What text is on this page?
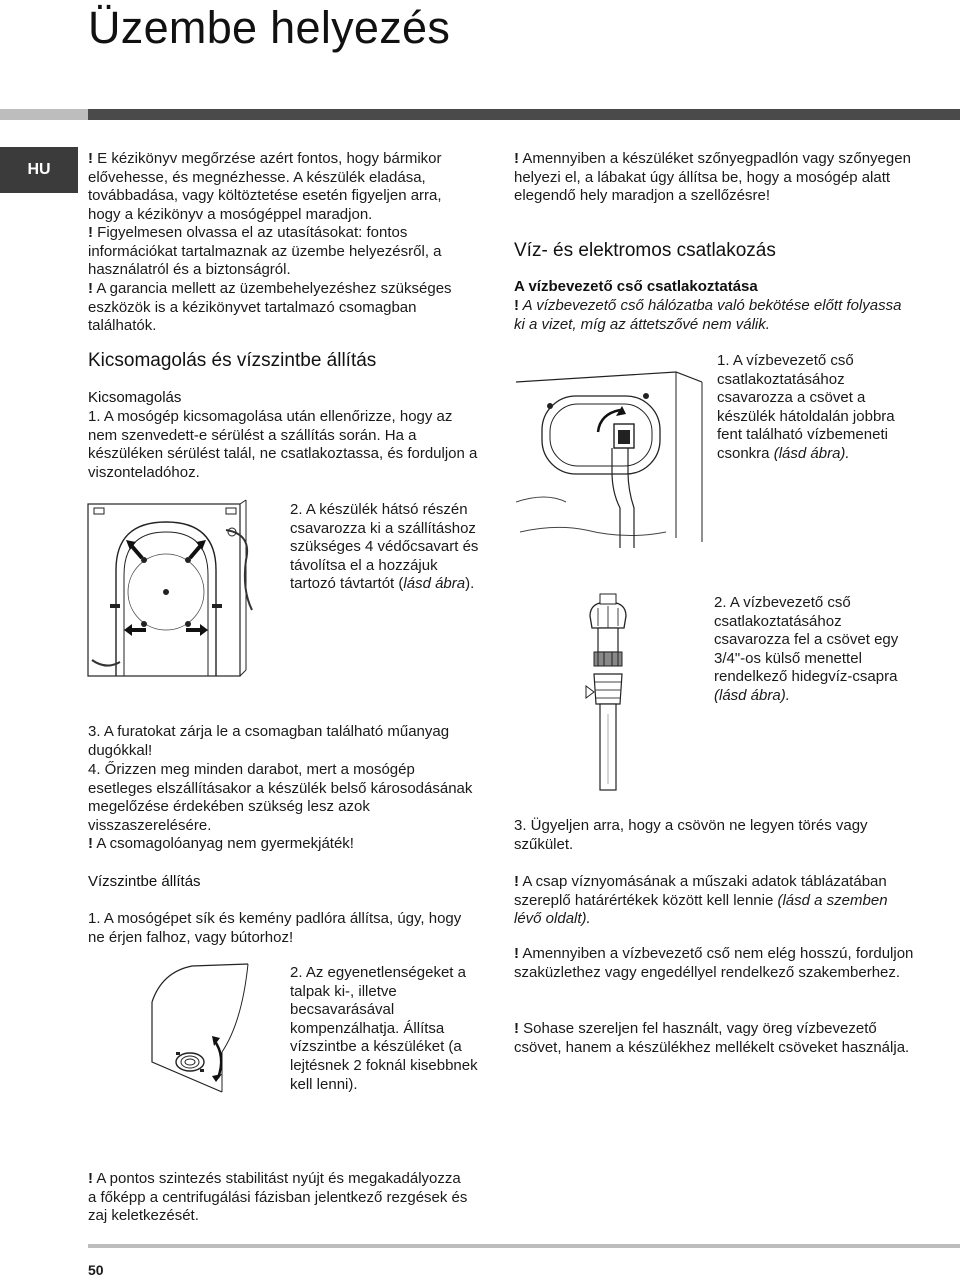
Üzembe helyezés
HU

! E kézikönyv megőrzése azért fontos, hogy bármikor elővehesse, és megnézhesse. A készülék eladása, továbbadása, vagy költöztetése esetén figyeljen arra, hogy a kézikönyv a mosógéppel maradjon.

! Figyelmesen olvassa el az utasításokat: fontos információkat tartalmaznak az üzembe helyezésről, a használatról és a biztonságról.

! A garancia mellett az üzembehelyezéshez szükséges eszközök is a kézikönyvet tartalmazó csomagban találhatók.

Kicsomagolás és vízszintbe állítás
Kicsomagolás

1. A mosógép kicsomagolása után ellenőrizze, hogy az nem szenvedett-e sérülést a szállítás során. Ha a készüléken sérülést talál, ne csatlakoztassa, és forduljon a viszonteladóhoz.

2. A készülék hátsó részén csavarozza ki a szállításhoz szükséges 4 védőcsavart és távolítsa el a hozzájuk tartozó távtartót (lásd ábra).

3. A furatokat zárja le a csomagban található műanyag dugókkal!

4. Őrizzen meg minden darabot, mert a mosógép esetleges elszállításakor a készülék belső károsodásának megelőzése érdekében szükség lesz azok visszaszerelésére.

! A csomagolóanyag nem gyermekjáték!

Vízszintbe állítás

1. A mosógépet sík és kemény padlóra állítsa, úgy, hogy ne érjen falhoz, vagy bútorhoz!

2. Az egyenetlenségeket a talpak ki-, illetve becsavarásával kompenzálhatja. Állítsa vízszintbe a készüléket (a lejtésnek 2 foknál kisebbnek kell lenni).

! A pontos szintezés stabilitást nyújt és megakadályozza a főképp a centrifugálási fázisban jelentkező rezgések és zaj keletkezését.

! Amennyiben a készüléket szőnyegpadlón vagy szőnyegen helyezi el, a lábakat úgy állítsa be, hogy a mosógép alatt elegendő hely maradjon a szellőzésre!

Víz- és elektromos csatlakozás
A vízbevezető cső csatlakoztatása

! A vízbevezető cső hálózatba való bekötése előtt folyassa ki a vizet, míg az áttetszővé nem válik.

1. A vízbevezető cső csatlakoztatásához csavarozza a csövet a készülék hátoldalán jobbra fent található vízbemeneti csonkra (lásd ábra).

2. A vízbevezető cső csatlakoztatásához csavarozza fel a csövet egy 3/4"-os külső menettel rendelkező hidegvíz-csapra (lásd ábra).

3. Ügyeljen arra, hogy a csövön ne legyen törés vagy szűkület.

! A csap víznyomásának a műszaki adatok táblázatában szereplő határértékek között kell lennie (lásd a szemben lévő oldalt).

! Amennyiben a vízbevezető cső nem elég hosszú, forduljon szaküzlethez vagy engedéllyel rendelkező szakemberhez.

! Sohase szereljen fel használt, vagy öreg vízbevezető csövet, hanem a készülékhez mellékelt csöveket használja.

50
